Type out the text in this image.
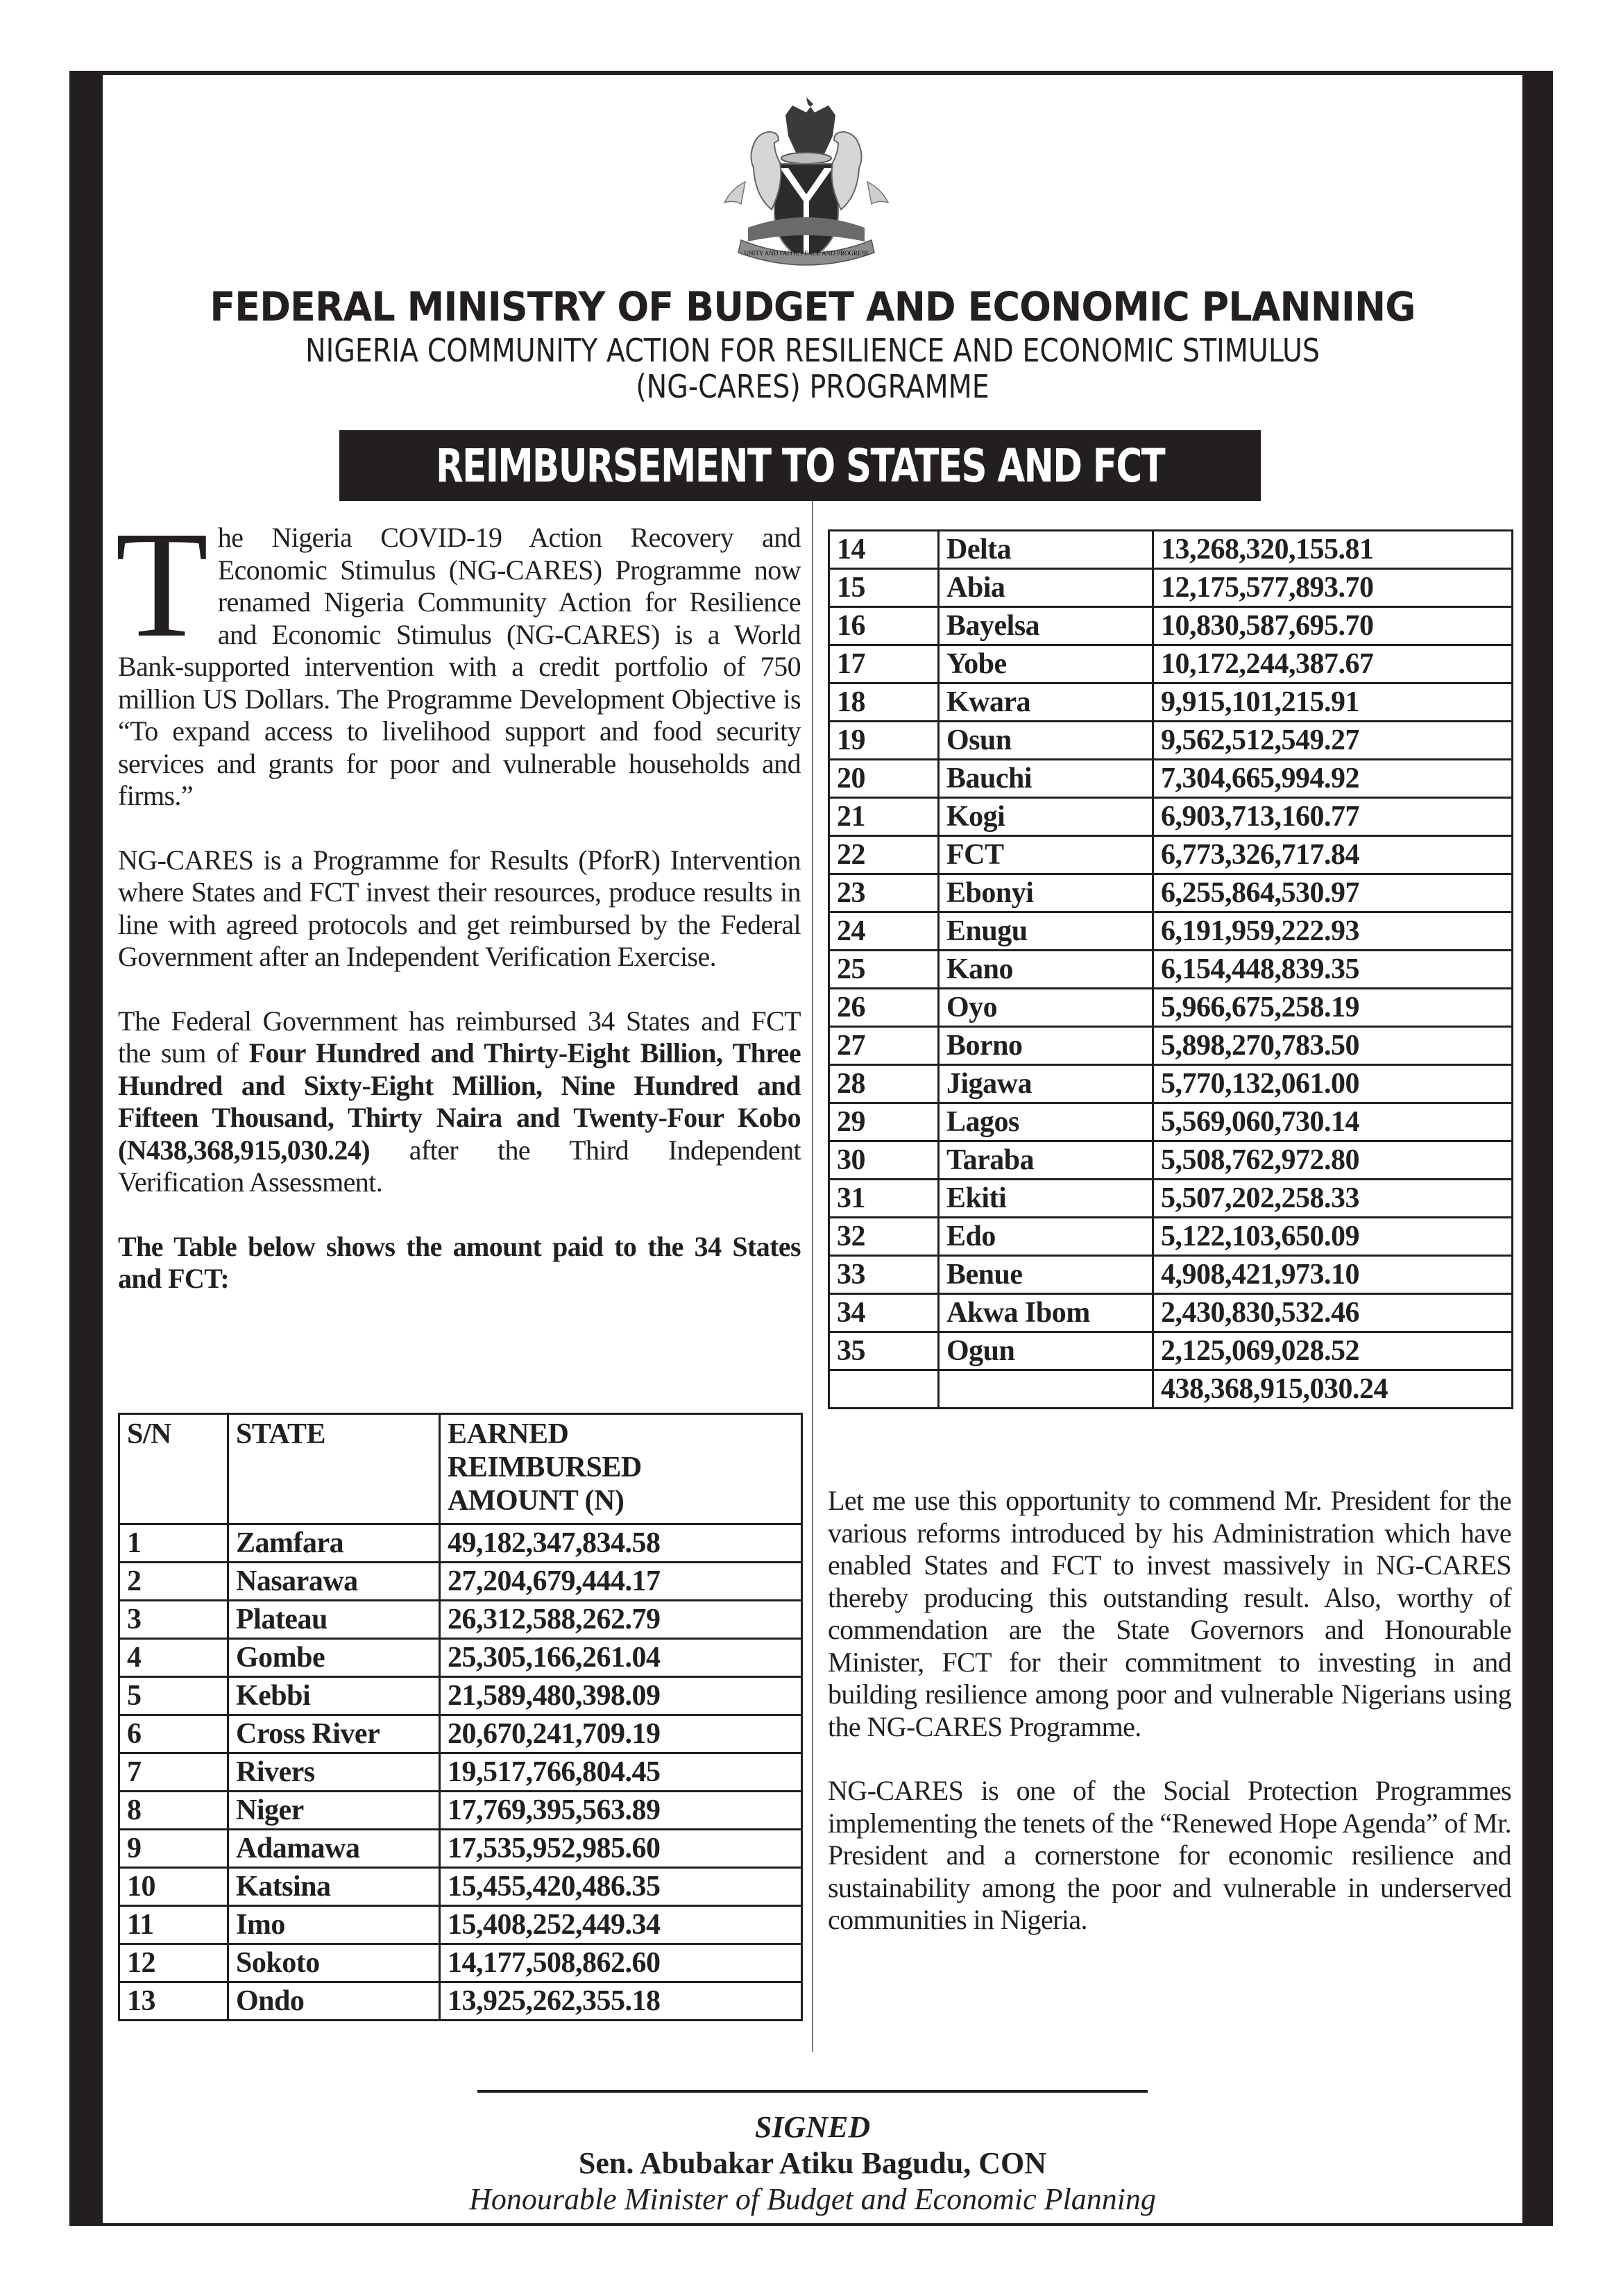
UNITY AND FAITH, PEACE AND PROGRESS
FEDERAL MINISTRY OF BUDGET AND ECONOMIC PLANNING
NIGERIA COMMUNITY ACTION FOR RESILIENCE AND ECONOMIC STIMULUS
(NG-CARES) PROGRAMME
REIMBURSEMENT TO STATES AND FCT

The Nigeria COVID-19 Action Recovery and Economic Stimulus (NG-CARES) Programme now renamed Nigeria Community Action for Resilience and Economic Stimulus (NG-CARES) is a World Bank-supported intervention with a credit portfolio of 750 million US Dollars. The Programme Development Objective is “To expand access to livelihood support and food security services and grants for poor and vulnerable households and firms.”

NG-CARES is a Programme for Results (PforR) Intervention where States and FCT invest their resources, produce results in line with agreed protocols and get reimbursed by the Federal Government after an Independent Verification Exercise.

The Federal Government has reimbursed 34 States and FCT the sum of Four Hundred and Thirty-Eight Billion, Three Hundred and Sixty-Eight Million, Nine Hundred and Fifteen Thousand, Thirty Naira and Twenty-Four Kobo (N438,368,915,030.24) after the Third Independent Verification Assessment.

The Table below shows the amount paid to the 34 States and FCT:

S/N	STATE	EARNED
REIMBURSED
AMOUNT (N)

1	Zamfara	49,182,347,834.58
2	Nasarawa	27,204,679,444.17
3	Plateau	26,312,588,262.79
4	Gombe	25,305,166,261.04
5	Kebbi	21,589,480,398.09
6	Cross River	20,670,241,709.19
7	Rivers	19,517,766,804.45
8	Niger	17,769,395,563.89
9	Adamawa	17,535,952,985.60
10	Katsina	15,455,420,486.35
11	Imo	15,408,252,449.34
12	Sokoto	14,177,508,862.60
13	Ondo	13,925,262,355.18
14	Delta	13,268,320,155.81
15	Abia	12,175,577,893.70
16	Bayelsa	10,830,587,695.70
17	Yobe	10,172,244,387.67
18	Kwara	9,915,101,215.91
19	Osun	9,562,512,549.27
20	Bauchi	7,304,665,994.92
21	Kogi	6,903,713,160.77
22	FCT	6,773,326,717.84
23	Ebonyi	6,255,864,530.97
24	Enugu	6,191,959,222.93
25	Kano	6,154,448,839.35
26	Oyo	5,966,675,258.19
27	Borno	5,898,270,783.50
28	Jigawa	5,770,132,061.00
29	Lagos	5,569,060,730.14
30	Taraba	5,508,762,972.80
31	Ekiti	5,507,202,258.33
32	Edo	5,122,103,650.09
33	Benue	4,908,421,973.10
34	Akwa Ibom	2,430,830,532.46
35	Ogun	2,125,069,028.52
		438,368,915,030.24

Let me use this opportunity to commend Mr. President for the various reforms introduced by his Administration which have enabled States and FCT to invest massively in NG-CARES thereby producing this outstanding result. Also, worthy of commendation are the State Governors and Honourable Minister, FCT for their commitment to investing in and building resilience among poor and vulnerable Nigerians using the NG-CARES Programme.

NG-CARES is one of the Social Protection Programmes implementing the tenets of the “Renewed Hope Agenda” of Mr. President and a cornerstone for economic resilience and sustainability among the poor and vulnerable in underserved communities in Nigeria.

SIGNED
Sen. Abubakar Atiku Bagudu, CON
Honourable Minister of Budget and Economic Planning
